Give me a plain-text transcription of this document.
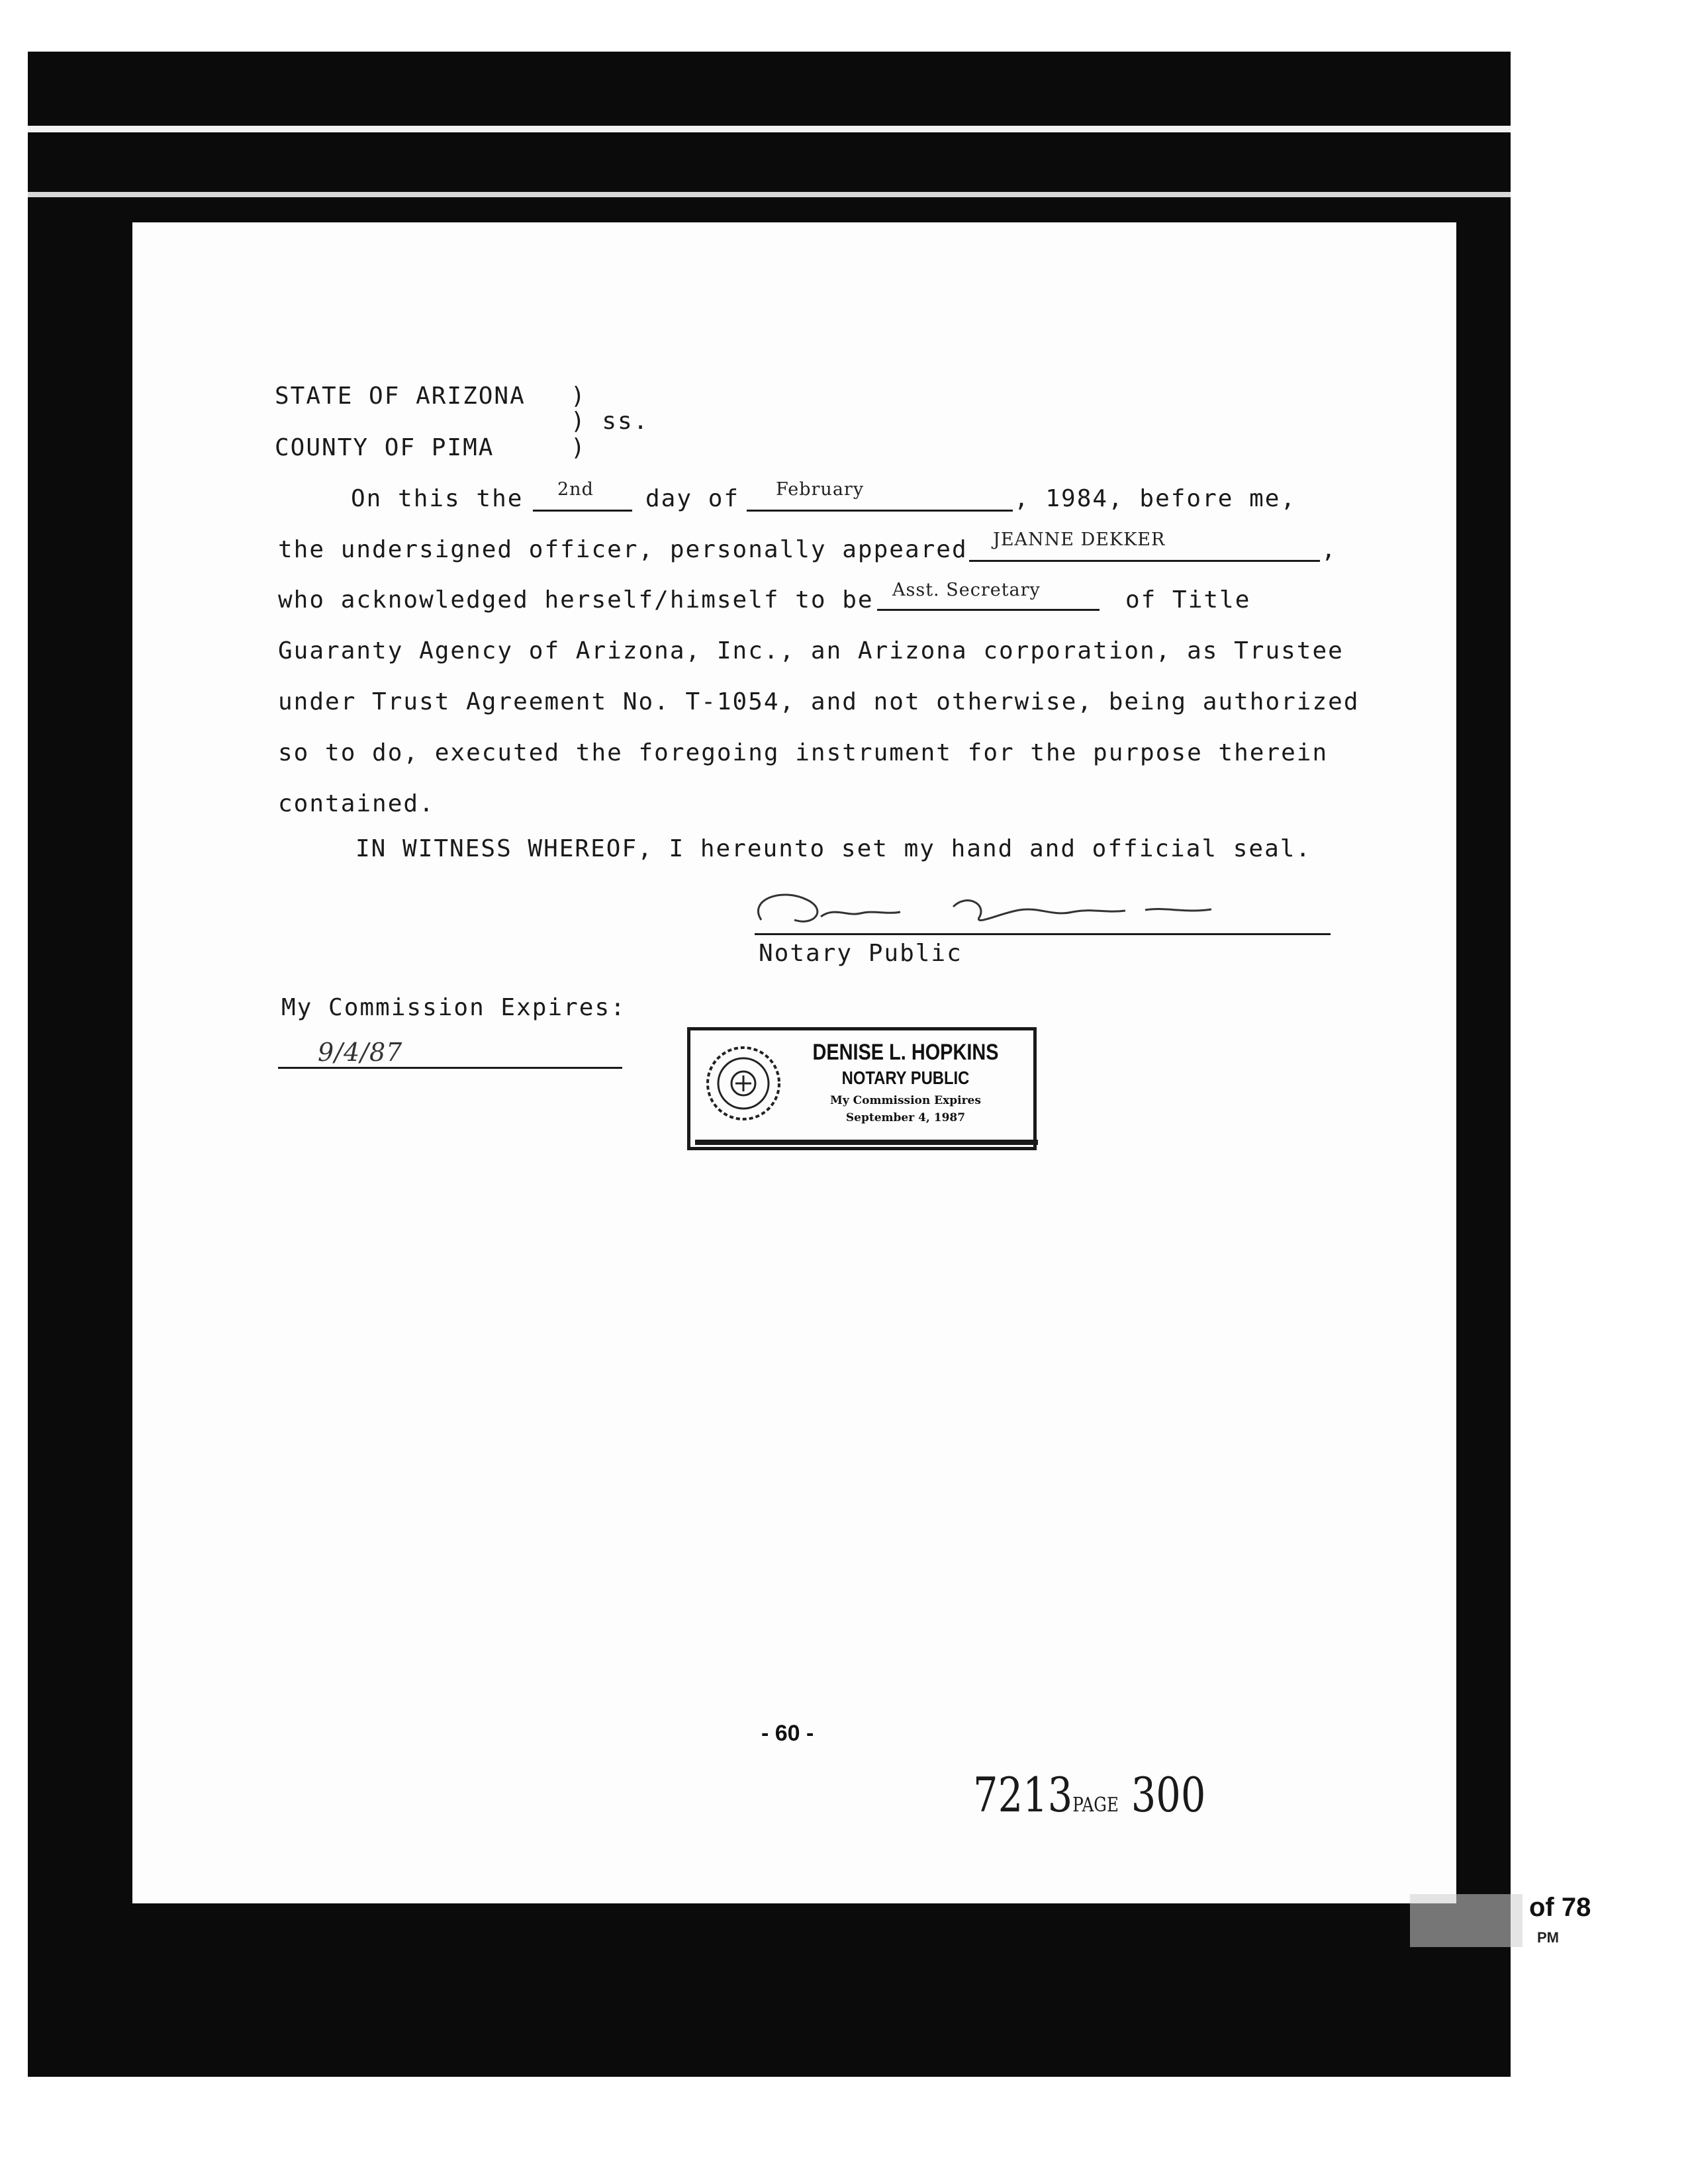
STATE OF ARIZONA )
) ss.
COUNTY OF PIMA	)
On this the 2nd day of February	, 1984, before me,
the undersigned officer, personally appeared JEANNE DEKKER	,
who acknowledged herself/himself to be Asst. Secretary	of Title
Guaranty Agency of Arizona, Inc., an Arizona corporation, as Trustee
under Trust Agreement No. T-1054, and not otherwise, being authorized
so to do, executed the foregoing instrument for the purpose therein
contained.
IN WITNESS WHEREOF, I hereunto set my hand and official seal.
Notary Public
My Commission Expires:
9/4/87	DENISE L. HOPKINS
NOTARY PUBLIC
My Commission Expires
September 4, 1987
- 60 -
7213PAGE 300
of 78
PM
